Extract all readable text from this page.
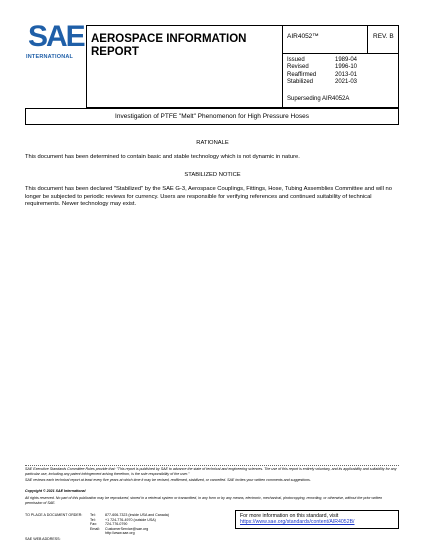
SAE
INTERNATIONAL
AEROSPACE INFORMATION REPORT
AIR4052™	REV. B
Issued	1989-04
Revised	1996-10
Reaffirmed	2013-01
Stabilized	2021-03
Superseding AIR4052A
Investigation of PTFE "Melt" Phenomenon for High Pressure Hoses
RATIONALE
This document has been determined to contain basic and stable technology which is not dynamic in nature.
STABILIZED NOTICE
This document has been declared "Stabilized" by the SAE G-3, Aerospace Couplings, Fittings, Hose, Tubing Assemblies Committee and will no longer be subjected to periodic reviews for currency. Users are responsible for verifying references and continued suitability of technical requirements. Newer technology may exist.
SAE Executive Standards Committee Rules provide that: "This report is published by SAE to advance the state of technical and engineering sciences. The use of this report is entirely voluntary, and its applicability and suitability for any particular use, including any patent infringement arising therefrom, is the sole responsibility of the user."
SAE reviews each technical report at least every five years at which time it may be revised, reaffirmed, stabilized, or cancelled. SAE invites your written comments and suggestions.
Copyright © 2021 SAE International
All rights reserved. No part of this publication may be reproduced, stored in a retrieval system or transmitted, in any form or by any means, electronic, mechanical, photocopying, recording, or otherwise, without the prior written permission of SAE.
TO PLACE A DOCUMENT ORDER:	Tel:	877-606-7323 (inside USA and Canada)
Tel:	+1 724-776-4970 (outside USA)
Fax:	724-776-0790
Email:	CustomerService@sae.org
http://www.sae.org
SAE WEB ADDRESS:
For more information on this standard, visit
https://www.sae.org/standards/content/AIR4052B/
